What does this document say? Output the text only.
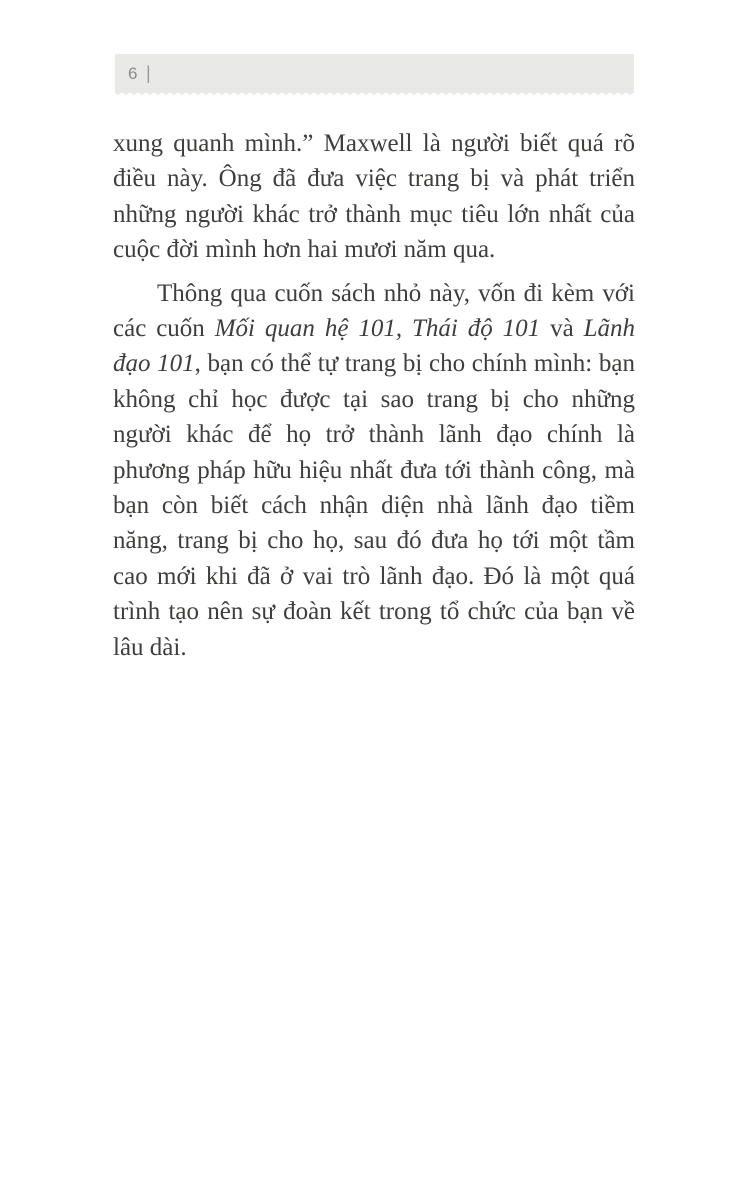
6 |

xung quanh mình.” Maxwell là người biết quá rõ điều này. Ông đã đưa việc trang bị và phát triển những người khác trở thành mục tiêu lớn nhất của cuộc đời mình hơn hai mươi năm qua.

Thông qua cuốn sách nhỏ này, vốn đi kèm với các cuốn Mối quan hệ 101, Thái độ 101 và Lãnh đạo 101, bạn có thể tự trang bị cho chính mình: bạn không chỉ học được tại sao trang bị cho những người khác để họ trở thành lãnh đạo chính là phương pháp hữu hiệu nhất đưa tới thành công, mà bạn còn biết cách nhận diện nhà lãnh đạo tiềm năng, trang bị cho họ, sau đó đưa họ tới một tầm cao mới khi đã ở vai trò lãnh đạo. Đó là một quá trình tạo nên sự đoàn kết trong tổ chức của bạn về lâu dài.
